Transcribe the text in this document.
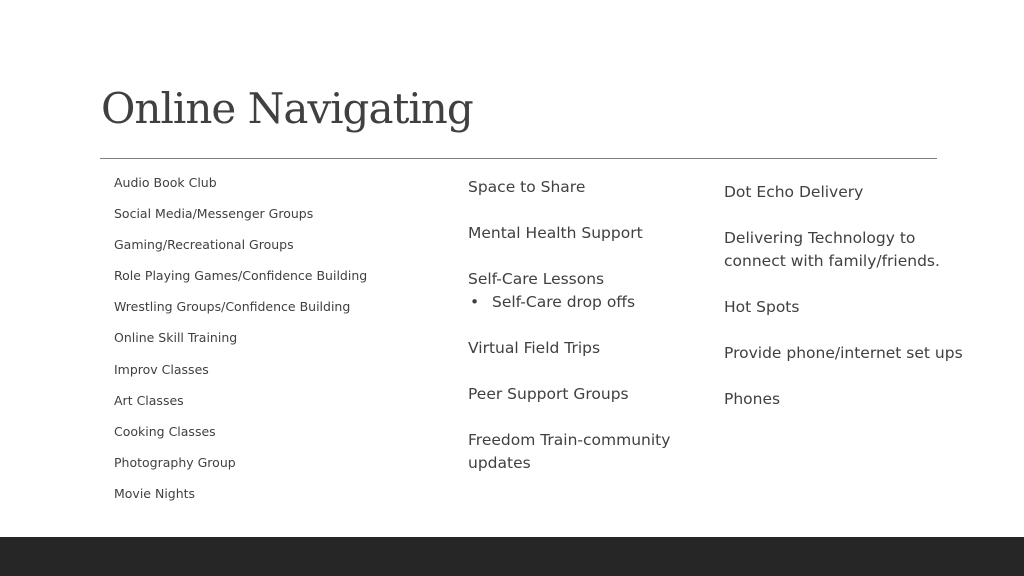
Online Navigating
Audio Book Club
Social Media/Messenger Groups
Gaming/Recreational Groups
Role Playing Games/Confidence Building
Wrestling Groups/Confidence Building
Online Skill Training
Improv Classes
Art Classes
Cooking Classes
Photography Group
Movie Nights

Space to Share

Mental Health Support

Self-Care Lessons

• Self-Care drop offs

Virtual Field Trips

Peer Support Groups

Freedom Train-community

updates

Dot Echo Delivery

Delivering Technology to

connect with family/friends.

Hot Spots

Provide phone/internet set ups

Phones
